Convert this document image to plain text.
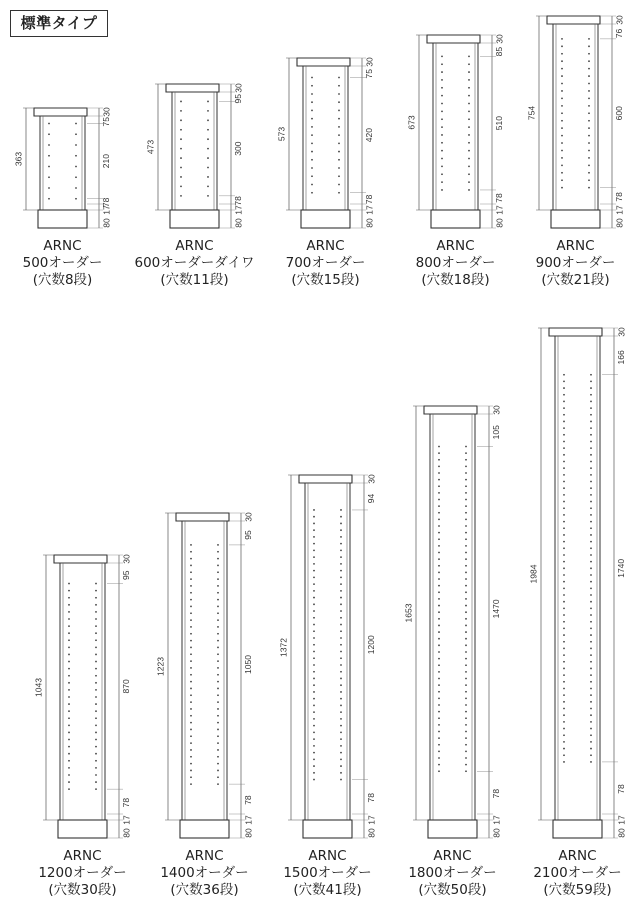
標準タイプ
363
30
75
210
78
17
80
473
30
95
300
78
17
80
573
30
75
420
78
17
80
673
30
85
510
78
17
80
754
30
76
600
78
17
80
1043
30
95
870
78
17
80
1223
30
95
1050
78
17
80
1372
30
94
1200
78
17
80
1653
30
105
1470
78
17
80
1984
30
166
1740
78
17
80
ARNC
500オーダー
(穴数8段)
ARNC
600オーダーダイワ
(穴数11段)
ARNC
700オーダー
(穴数15段)
ARNC
800オーダー
(穴数18段)
ARNC
900オーダー
(穴数21段)
ARNC
1200オーダー
(穴数30段)
ARNC
1400オーダー
(穴数36段)
ARNC
1500オーダー
(穴数41段)
ARNC
1800オーダー
(穴数50段)
ARNC
2100オーダー
(穴数59段)
